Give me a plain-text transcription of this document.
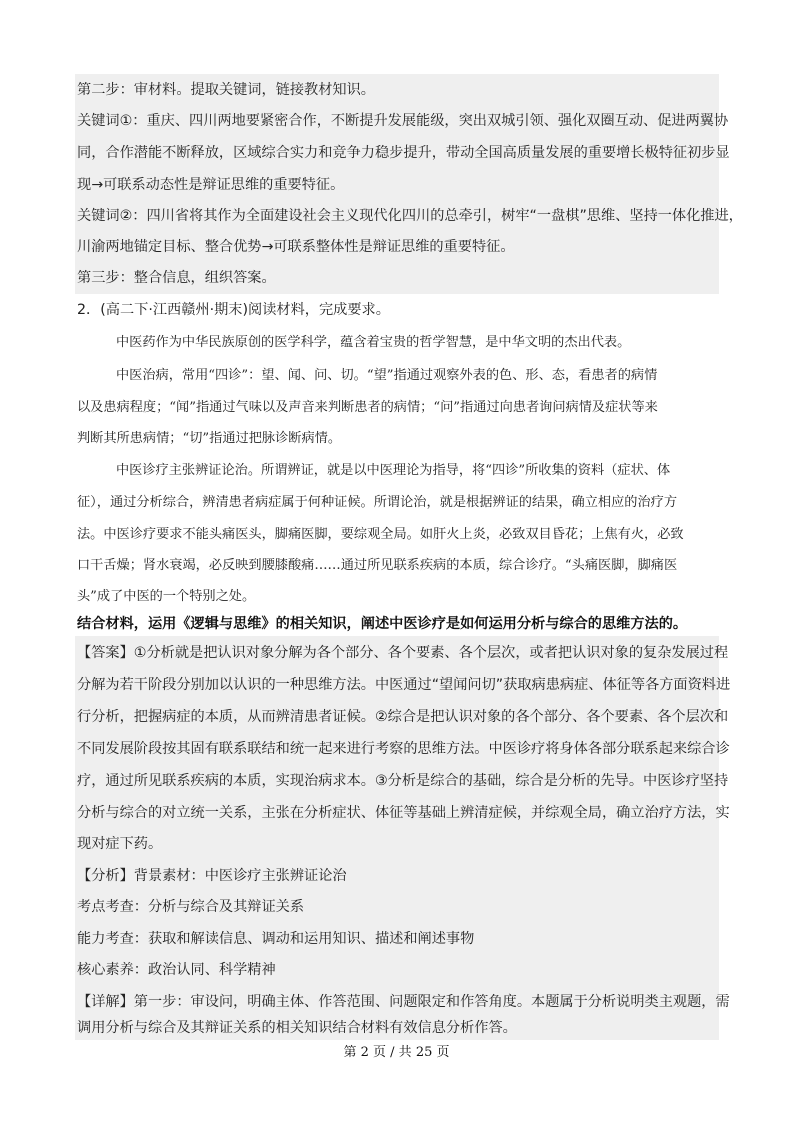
第二步：审材料。提取关键词，链接教材知识。
关键词①：重庆、四川两地要紧密合作，不断提升发展能级，突出双城引领、强化双圈互动、促进两翼协
同，合作潜能不断释放，区域综合实力和竞争力稳步提升，带动全国高质量发展的重要增长极特征初步显
现→可联系动态性是辩证思维的重要特征。
关键词②：四川省将其作为全面建设社会主义现代化四川的总牵引，树牢“一盘棋”思维、坚持一体化推进，
川渝两地锚定目标、整合优势→可联系整体性是辩证思维的重要特征。
第三步：整合信息，组织答案。
2．(高二下·江西赣州·期末)阅读材料，完成要求。
中医药作为中华民族原创的医学科学，蕴含着宝贵的哲学智慧，是中华文明的杰出代表。
中医治病，常用“四诊”：望、闻、问、切。“望”指通过观察外表的色、形、态，看患者的病情
以及患病程度；“闻”指通过气味以及声音来判断患者的病情；“问”指通过向患者询问病情及症状等来
判断其所患病情；“切”指通过把脉诊断病情。
中医诊疗主张辨证论治。所谓辨证，就是以中医理论为指导，将“四诊”所收集的资料（症状、体
征），通过分析综合，辨清患者病症属于何种证候。所谓论治，就是根据辨证的结果，确立相应的治疗方
法。中医诊疗要求不能头痛医头，脚痛医脚，要综观全局。如肝火上炎，必致双目昏花；上焦有火，必致
口干舌燥；肾水衰竭，必反映到腰膝酸痛……通过所见联系疾病的本质，综合诊疗。“头痛医脚，脚痛医
头”成了中医的一个特别之处。
结合材料，运用《逻辑与思维》的相关知识，阐述中医诊疗是如何运用分析与综合的思维方法的。
【答案】①分析就是把认识对象分解为各个部分、各个要素、各个层次，或者把认识对象的复杂发展过程
分解为若干阶段分别加以认识的一种思维方法。中医通过“望闻问切”获取病患病症、体征等各方面资料进
行分析，把握病症的本质，从而辨清患者证候。②综合是把认识对象的各个部分、各个要素、各个层次和
不同发展阶段按其固有联系联结和统一起来进行考察的思维方法。中医诊疗将身体各部分联系起来综合诊
疗，通过所见联系疾病的本质，实现治病求本。③分析是综合的基础，综合是分析的先导。中医诊疗坚持
分析与综合的对立统一关系，主张在分析症状、体征等基础上辨清症候，并综观全局，确立治疗方法，实
现对症下药。
【分析】背景素材：中医诊疗主张辨证论治
考点考查：分析与综合及其辩证关系
能力考查：获取和解读信息、调动和运用知识、描述和阐述事物
核心素养：政治认同、科学精神
【详解】第一步：审设问，明确主体、作答范围、问题限定和作答角度。本题属于分析说明类主观题，需
调用分析与综合及其辩证关系的相关知识结合材料有效信息分析作答。
第 2 页 / 共 25 页
